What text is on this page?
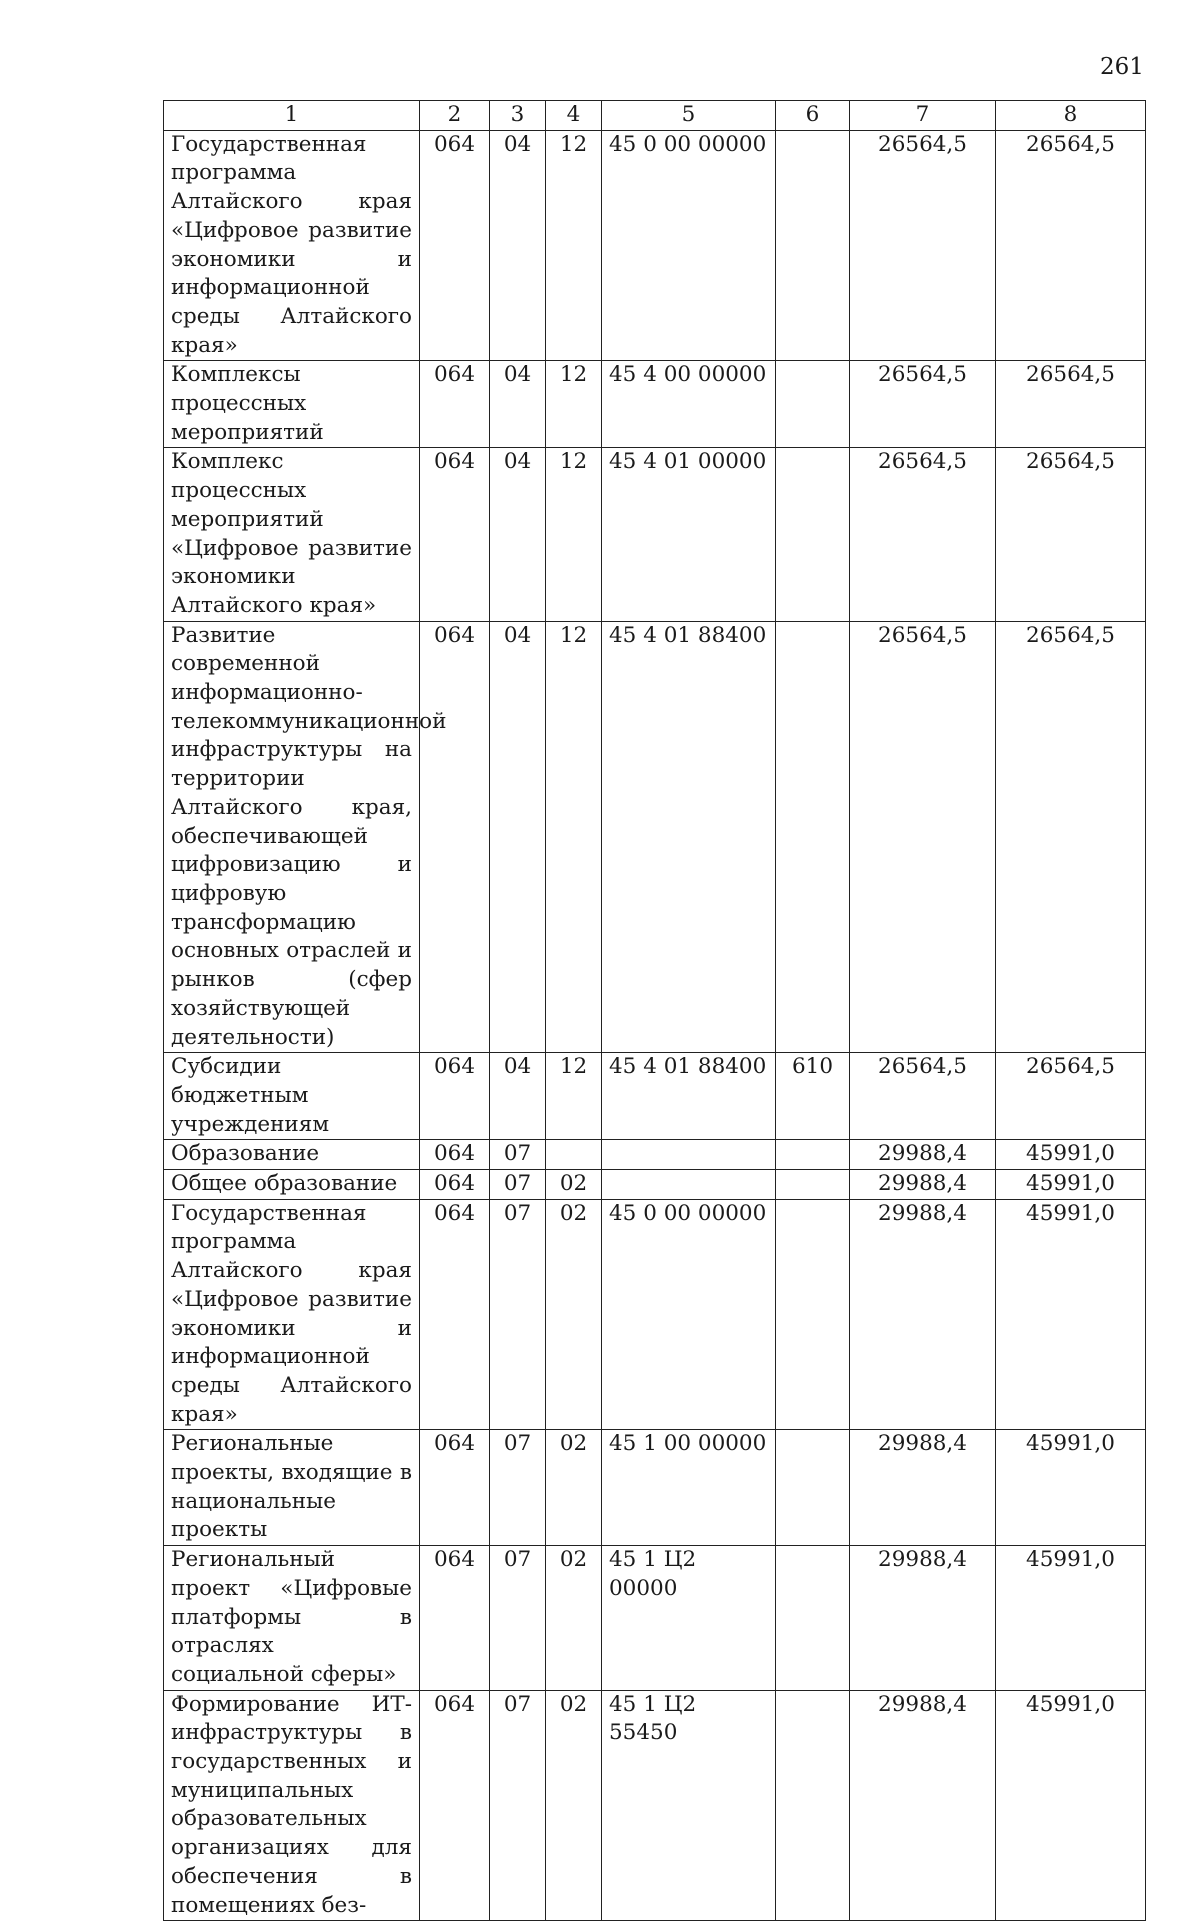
261
1	2	3	4	5	6	7	8
Государственная программа Алтайского края «Цифровое развитие экономики и информационной среды Алтайского края»	064	04	12	45 0 00 00000		26564,5	26564,5
Комплексы процессных мероприятий	064	04	12	45 4 00 00000		26564,5	26564,5
Комплекс процессных мероприятий «Цифровое развитие экономики Алтайского края»	064	04	12	45 4 01 00000		26564,5	26564,5
Развитие современной информационно-телекоммуникационной инфраструктуры на территории Алтайского края, обеспечивающей цифровизацию и цифровую трансформацию основных отраслей и рынков (сфер хозяйствующей деятельности)	064	04	12	45 4 01 88400		26564,5	26564,5
Субсидии бюджетным учреждениям	064	04	12	45 4 01 88400	610	26564,5	26564,5
Образование	064	07				29988,4	45991,0
Общее образование	064	07	02			29988,4	45991,0
Государственная программа Алтайского края «Цифровое развитие экономики и информационной среды Алтайского края»	064	07	02	45 0 00 00000		29988,4	45991,0
Региональные проекты, входящие в национальные проекты	064	07	02	45 1 00 00000		29988,4	45991,0
Региональный проект «Цифровые платформы в отраслях социальной сферы»	064	07	02	45 1 Ц2 00000		29988,4	45991,0
Формирование ИТ-инфраструктуры в государственных и муниципальных образовательных организациях для обеспечения в помещениях без-	064	07	02	45 1 Ц2 55450		29988,4	45991,0
